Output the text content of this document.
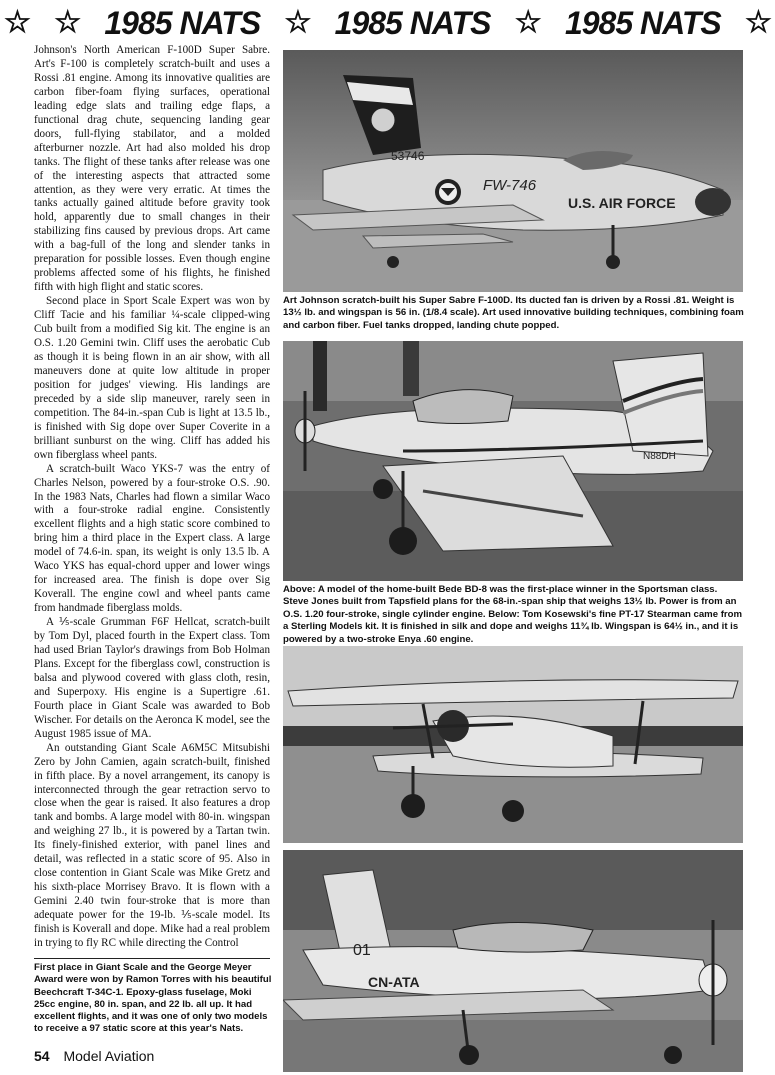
☆ ☆ 1985 NATS ☆ 1985 NATS ☆ 1985 NATS ☆

Johnson's North American F-100D Super Sabre. Art's F-100 is completely scratch-built and uses a Rossi .81 engine. Among its innovative qualities are carbon fiber-foam flying surfaces, operational leading edge slats and trailing edge flaps, a functional drag chute, sequencing landing gear doors, full-flying stabilator, and a molded afterburner nozzle. Art had also molded his drop tanks. The flight of these tanks after release was one of the interesting aspects that attracted some attention, as they were very erratic. At times the tanks actually gained altitude before gravity took hold, apparently due to small changes in their stabilizing fins caused by previous drops. Art came with a bag-full of the long and slender tanks in preparation for possible losses. Even though engine problems affected some of his flights, he finished fifth with high flight and static scores.

Second place in Sport Scale Expert was won by Cliff Tacie and his familiar ¼-scale clipped-wing Cub built from a modified Sig kit. The engine is an O.S. 1.20 Gemini twin. Cliff uses the aerobatic Cub as though it is being flown in an air show, with all maneuvers done at quite low altitude in proper position for judges' viewing. His landings are preceded by a side slip maneuver, rarely seen in competition. The 84-in.-span Cub is light at 13.5 lb., is finished with Sig dope over Super Coverite in a brilliant sunburst on the wing. Cliff has added his own fiberglass wheel pants.

A scratch-built Waco YKS-7 was the entry of Charles Nelson, powered by a four-stroke O.S. .90. In the 1983 Nats, Charles had flown a similar Waco with a four-stroke radial engine. Consistently excellent flights and a high static score combined to bring him a third place in the Expert class. A large model of 74.6-in. span, its weight is only 13.5 lb. A Waco YKS has equal-chord upper and lower wings for increased area. The finish is dope over Sig Koverall. The engine cowl and wheel pants came from handmade fiberglass molds.

A ⅕-scale Grumman F6F Hellcat, scratch-built by Tom Dyl, placed fourth in the Expert class. Tom had used Brian Taylor's drawings from Bob Holman Plans. Except for the fiberglass cowl, construction is balsa and plywood covered with glass cloth, resin, and Superpoxy. His engine is a Supertigre .61. Fourth place in Giant Scale was awarded to Bob Wischer. For details on the Aeronca K model, see the August 1985 issue of MA.

An outstanding Giant Scale A6M5C Mitsubishi Zero by John Camien, again scratch-built, finished in fifth place. By a novel arrangement, its canopy is interconnected through the gear retraction servo to close when the gear is raised. It also features a drop tank and bombs. A large model with 80-in. wingspan and weighing 27 lb., it is powered by a Tartan twin. Its finely-finished exterior, with panel lines and detail, was reflected in a static score of 95. Also in close contention in Giant Scale was Mike Gretz and his sixth-place Morrisey Bravo. It is flown with a Gemini 2.40 twin four-stroke that is more than adequate power for the 19-lb. ⅕-scale model. Its finish is Koverall and dope. Mike had a real problem in trying to fly RC while directing the Control

First place in Giant Scale and the George Meyer Award were won by Ramon Torres with his beautiful Beechcraft T-34C-1. Epoxy-glass fuselage, Moki 25cc engine, 80 in. span, and 22 lb. all up. It had excellent flights, and it was one of only two models to receive a 97 static score at this year's Nats.
53746
FW-746
U.S. AIR FORCE
Art Johnson scratch-built his Super Sabre F-100D. Its ducted fan is driven by a Rossi .81. Weight is 13½ lb. and wingspan is 56 in. (1/8.4 scale). Art used innovative building techniques, combining foam and carbon fiber. Fuel tanks dropped, landing chute popped.
N88DH
Above: A model of the home-built Bede BD-8 was the first-place winner in the Sportsman class. Steve Jones built from Tapsfield plans for the 68-in.-span ship that weighs 13½ lb. Power is from an O.S. 1.20 four-stroke, single cylinder engine. Below: Tom Kosewski's fine PT-17 Stearman came from a Sterling Models kit. It is finished in silk and dope and weighs 11¾ lb. Wingspan is 64½ in., and it is powered by a two-stroke Enya .60 engine.
01
CN-ATA
54 Model Aviation
